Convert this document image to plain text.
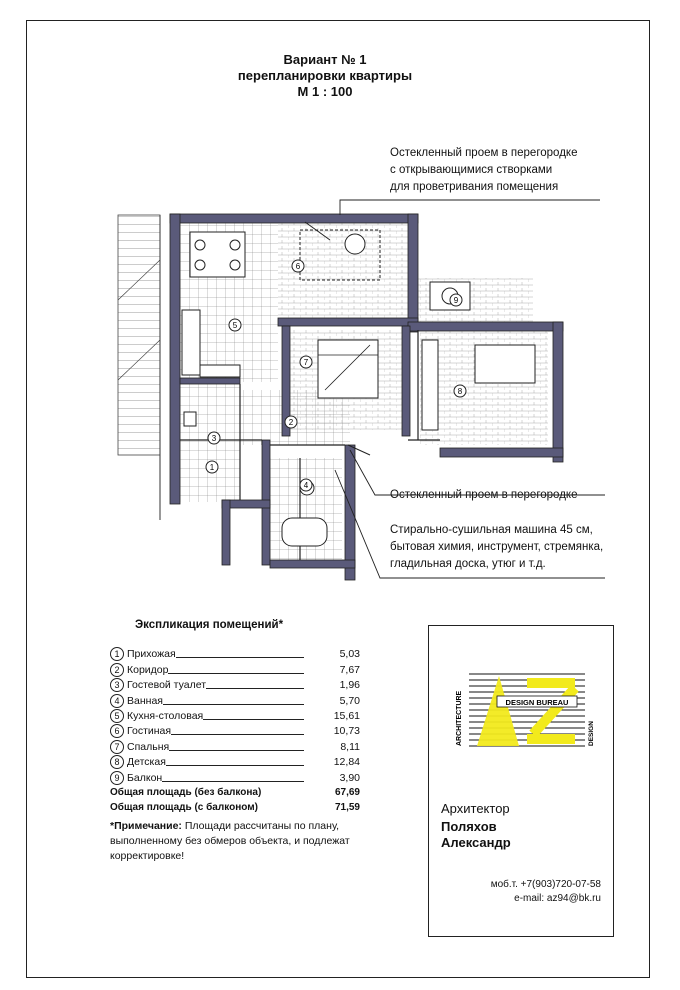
Вариант № 1
перепланировки квартиры
М 1 : 100
Остекленный проем в перегородке
с открывающимися створками
для проветривания помещения
Остекленный проем в перегородке
Стирально-сушильная машина 45 см,
бытовая химия, инструмент, стремянка,
гладильная доска, утюг и т.д.
1
2
3
4
5
6
7
8
9
Экспликация помещений*
1 Прихожая	5,03
2 Коридор	7,67
3 Гостевой туалет	1,96
4 Ванная	5,70
5 Кухня-столовая	15,61
6 Гостиная	10,73
7 Спальня	8,11
8 Детская	12,84
9 Балкон	3,90
Общая площадь (без балкона)	67,69
Общая площадь (с балконом)	71,59
*Примечание: Площади рассчитаны по плану, выполненному без обмеров объекта, и подлежат корректировке!
ARCHITECTURE	DESIGN BUREAU
DESIGN
Архитектор
Поляхов
Александр
моб.т. +7(903)720-07-58
e-mail: az94@bk.ru
